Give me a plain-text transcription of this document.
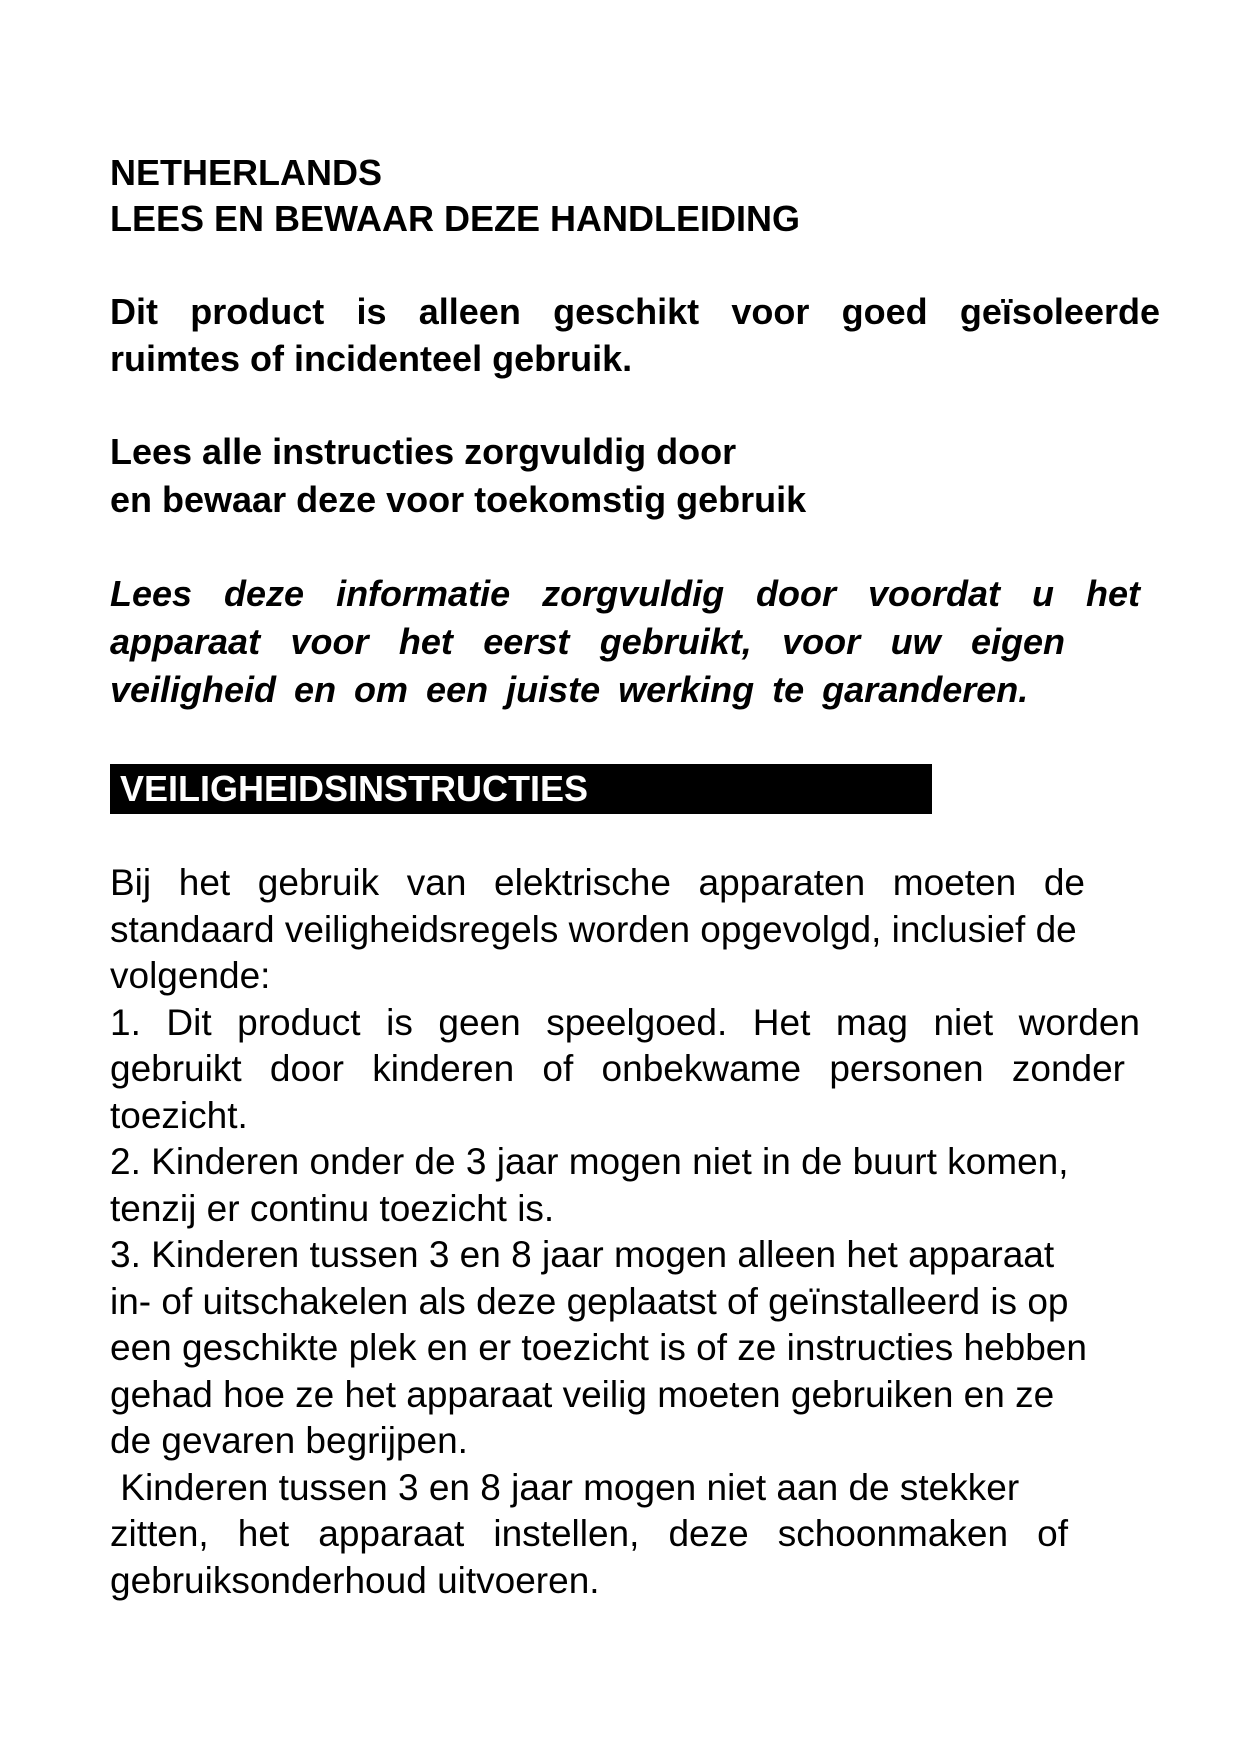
NETHERLANDS
LEES EN BEWAAR DEZE HANDLEIDING
Dit product is alleen geschikt voor goed geïsoleerde
ruimtes of incidenteel gebruik.
Lees alle instructies zorgvuldig door
en bewaar deze voor toekomstig gebruik
Lees deze informatie zorgvuldig door voordat u het
apparaat voor het eerst gebruikt, voor uw eigen
veiligheid en om een juiste werking te garanderen.
VEILIGHEIDSINSTRUCTIES
Bij het gebruik van elektrische apparaten moeten de
standaard veiligheidsregels worden opgevolgd, inclusief de
volgende:
1. Dit product is geen speelgoed. Het mag niet worden
gebruikt door kinderen of onbekwame personen zonder
toezicht.
2. Kinderen onder de 3 jaar mogen niet in de buurt komen,
tenzij er continu toezicht is.
3. Kinderen tussen 3 en 8 jaar mogen alleen het apparaat
in- of uitschakelen als deze geplaatst of geïnstalleerd is op
een geschikte plek en er toezicht is of ze instructies hebben
gehad hoe ze het apparaat veilig moeten gebruiken en ze
de gevaren begrijpen.
Kinderen tussen 3 en 8 jaar mogen niet aan de stekker
zitten, het apparaat instellen, deze schoonmaken of
gebruiksonderhoud uitvoeren.
